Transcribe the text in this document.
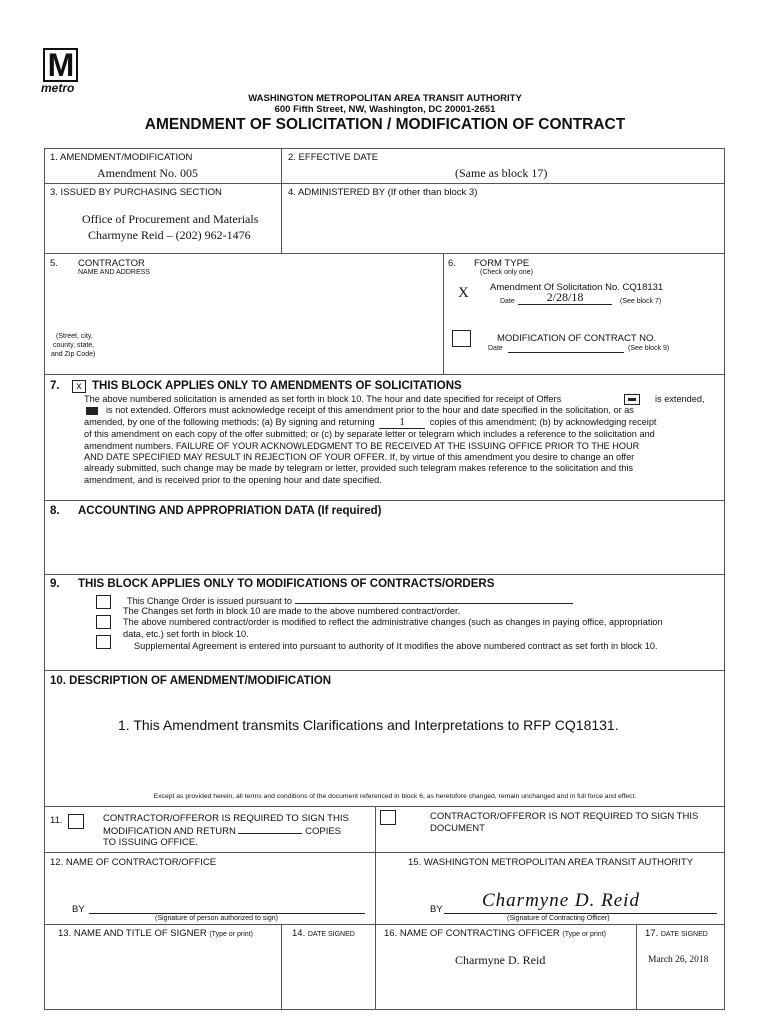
M
metro
WASHINGTON METROPOLITAN AREA TRANSIT AUTHORITY
600 Fifth Street, NW, Washington, DC 20001-2651
AMENDMENT OF SOLICITATION / MODIFICATION OF CONTRACT
1. AMENDMENT/MODIFICATION
Amendment No. 005
2. EFFECTIVE DATE
(Same as block 17)
3. ISSUED BY PURCHASING SECTION
Office of Procurement and Materials
Charmyne Reid – (202) 962-1476
4. ADMINISTERED BY (If other than block 3)
5. CONTRACTOR
NAME AND ADDRESS
(Street, city,
county, state,
and Zip Code)
6. FORM TYPE
(Check only one)
X Amendment Of Solicitation No. CQ18131
Date	2/28/18	(See block 7)
MODIFICATION OF CONTRACT NO.
Date	(See block 9)
7.	x THIS BLOCK APPLIES ONLY TO AMENDMENTS OF SOLICITATIONS
The above numbered solicitation is amended as set forth in block 10. The hour and date specified for receipt of Offers	is extended,
is not extended. Offerors must acknowledge receipt of this amendment prior to the hour and date specified in the solicitation, or as
amended, by one of the following methods; (a) By signing and returning 1	copies of this amendment; (b) by acknowledging receipt
of this amendment on each copy of the offer submitted; or (c) by separate letter or telegram which includes a reference to the solicitation and
amendment numbers. FAILURE OF YOUR ACKNOWLEDGMENT TO BE RECEIVED AT THE ISSUING OFFICE PRIOR TO THE HOUR
AND DATE SPECIFIED MAY RESULT IN REJECTION OF YOUR OFFER. If, by virtue of this amendment you desire to change an offer
already submitted, such change may be made by telegram or letter, provided such telegram makes reference to the solicitation and this
amendment, and is received prior to the opening hour and date specified.
8. ACCOUNTING AND APPROPRIATION DATA (If required)
9. THIS BLOCK APPLIES ONLY TO MODIFICATIONS OF CONTRACTS/ORDERS
This Change Order is issued pursuant to
The Changes set forth in block 10 are made to the above numbered contract/order.
The above numbered contract/order is modified to reflect the administrative changes (such as changes in paying office, appropriation
data, etc.) set forth in block 10.
Supplemental Agreement is entered into pursuant to authority of It modifies the above numbered contract as set forth in block 10.
10. DESCRIPTION OF AMENDMENT/MODIFICATION
1. This Amendment transmits Clarifications and Interpretations to RFP CQ18131.
Except as provided herein, all terms and conditions of the document referenced in block 6, as heretofore changed, remain unchanged and in full force and effect.
11.	CONTRACTOR/OFFEROR IS REQUIRED TO SIGN THIS
MODIFICATION AND RETURN	COPIES
TO ISSUING OFFICE.
CONTRACTOR/OFFEROR IS NOT REQUIRED TO SIGN THIS
DOCUMENT
12. NAME OF CONTRACTOR/OFFICE
BY
(Signature of person authorized to sign)
15. WASHINGTON METROPOLITAN AREA TRANSIT AUTHORITY
BY Charmyne D. Reid
(Signature of Contracting Officer)
13. NAME AND TITLE OF SIGNER (Type or print)	14. DATE SIGNED	16. NAME OF CONTRACTING OFFICER (Type or print)
Charmyne D. Reid
17. DATE SIGNED
March 26, 2018
